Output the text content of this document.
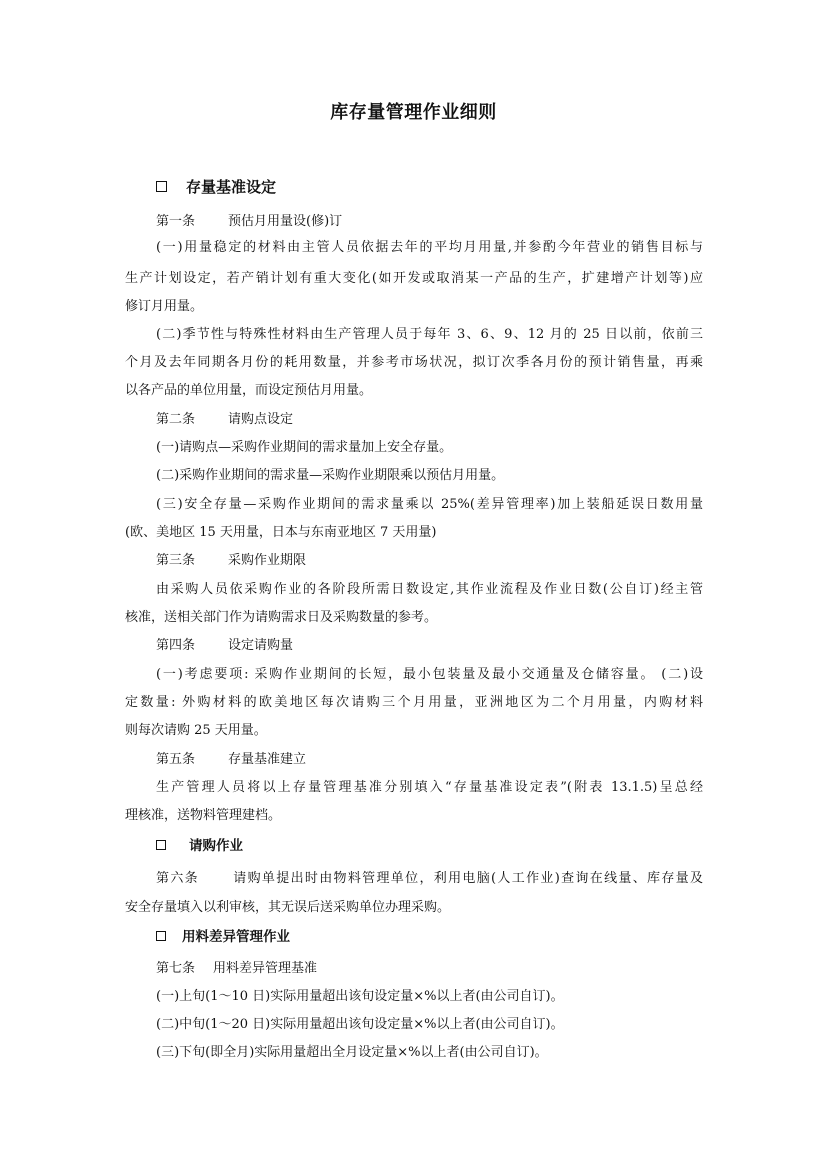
库存量管理作业细则
存量基准设定
第一条	预估月用量设(修)订
(一)用量稳定的材料由主管人员依据去年的平均月用量,并参酌今年营业的销售目标与
生产计划设定，若产销计划有重大变化(如开发或取消某一产品的生产，扩建增产计划等)应
修订月用量。
(二)季节性与特殊性材料由生产管理人员于每年 3、6、9、12 月的 25 日以前，依前三
个月及去年同期各月份的耗用数量，并参考市场状况，拟订次季各月份的预计销售量，再乘
以各产品的单位用量，而设定预估月用量。
第二条	请购点设定
(一)请购点—采购作业期间的需求量加上安全存量。
(二)采购作业期间的需求量—采购作业期限乘以预估月用量。
(三)安全存量—采购作业期间的需求量乘以 25%(差异管理率)加上装船延误日数用量
(欧、美地区 15 天用量，日本与东南亚地区 7 天用量)
第三条	采购作业期限
由采购人员依采购作业的各阶段所需日数设定,其作业流程及作业日数(公自订)经主管
核准，送相关部门作为请购需求日及采购数量的参考。
第四条	设定请购量
(一)考虑要项: 采购作业期间的长短，最小包装量及最小交通量及仓储容量。 (二)设
定数量: 外购材料的欧美地区每次请购三个月用量，亚洲地区为二个月用量，内购材料
则每次请购 25 天用量。
第五条	存量基准建立
生产管理人员将以上存量管理基准分别填入“存量基准设定表”(附表 13.1.5)呈总经
理核准，送物料管理建档。
请购作业
第六条	请购单提出时由物料管理单位，利用电脑(人工作业)查询在线量、库存量及
安全存量填入以利审核，其无误后送采购单位办理采购。
用料差异管理作业
第七条 用料差异管理基准
(一)上旬(1～10 日)实际用量超出该旬设定量×%以上者(由公司自订)。
(二)中旬(1～20 日)实际用量超出该旬设定量×%以上者(由公司自订)。
(三)下旬(即全月)实际用量超出全月设定量×%以上者(由公司自订)。
